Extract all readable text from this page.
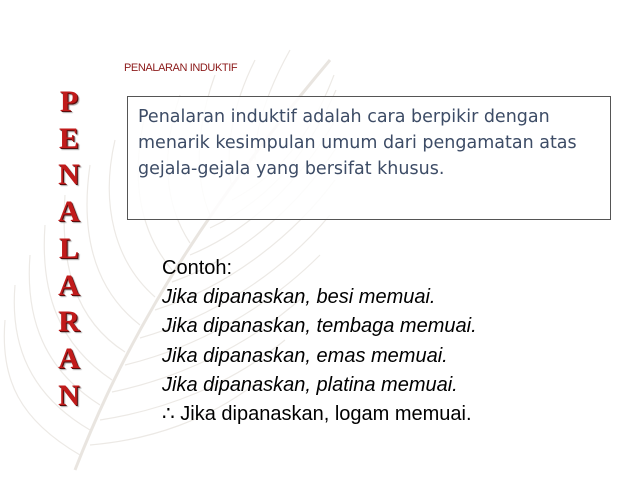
P
E
N
A
L
A
R
A
N
PENALARAN INDUKTIF

Penalaran induktif adalah cara berpikir dengan menarik kesimpulan umum dari pengamatan atas gejala-gejala yang bersifat khusus.

Contoh:
Jika dipanaskan, besi memuai.
Jika dipanaskan, tembaga memuai.
Jika dipanaskan, emas memuai.
Jika dipanaskan, platina memuai.
∴ Jika dipanaskan, logam memuai.
